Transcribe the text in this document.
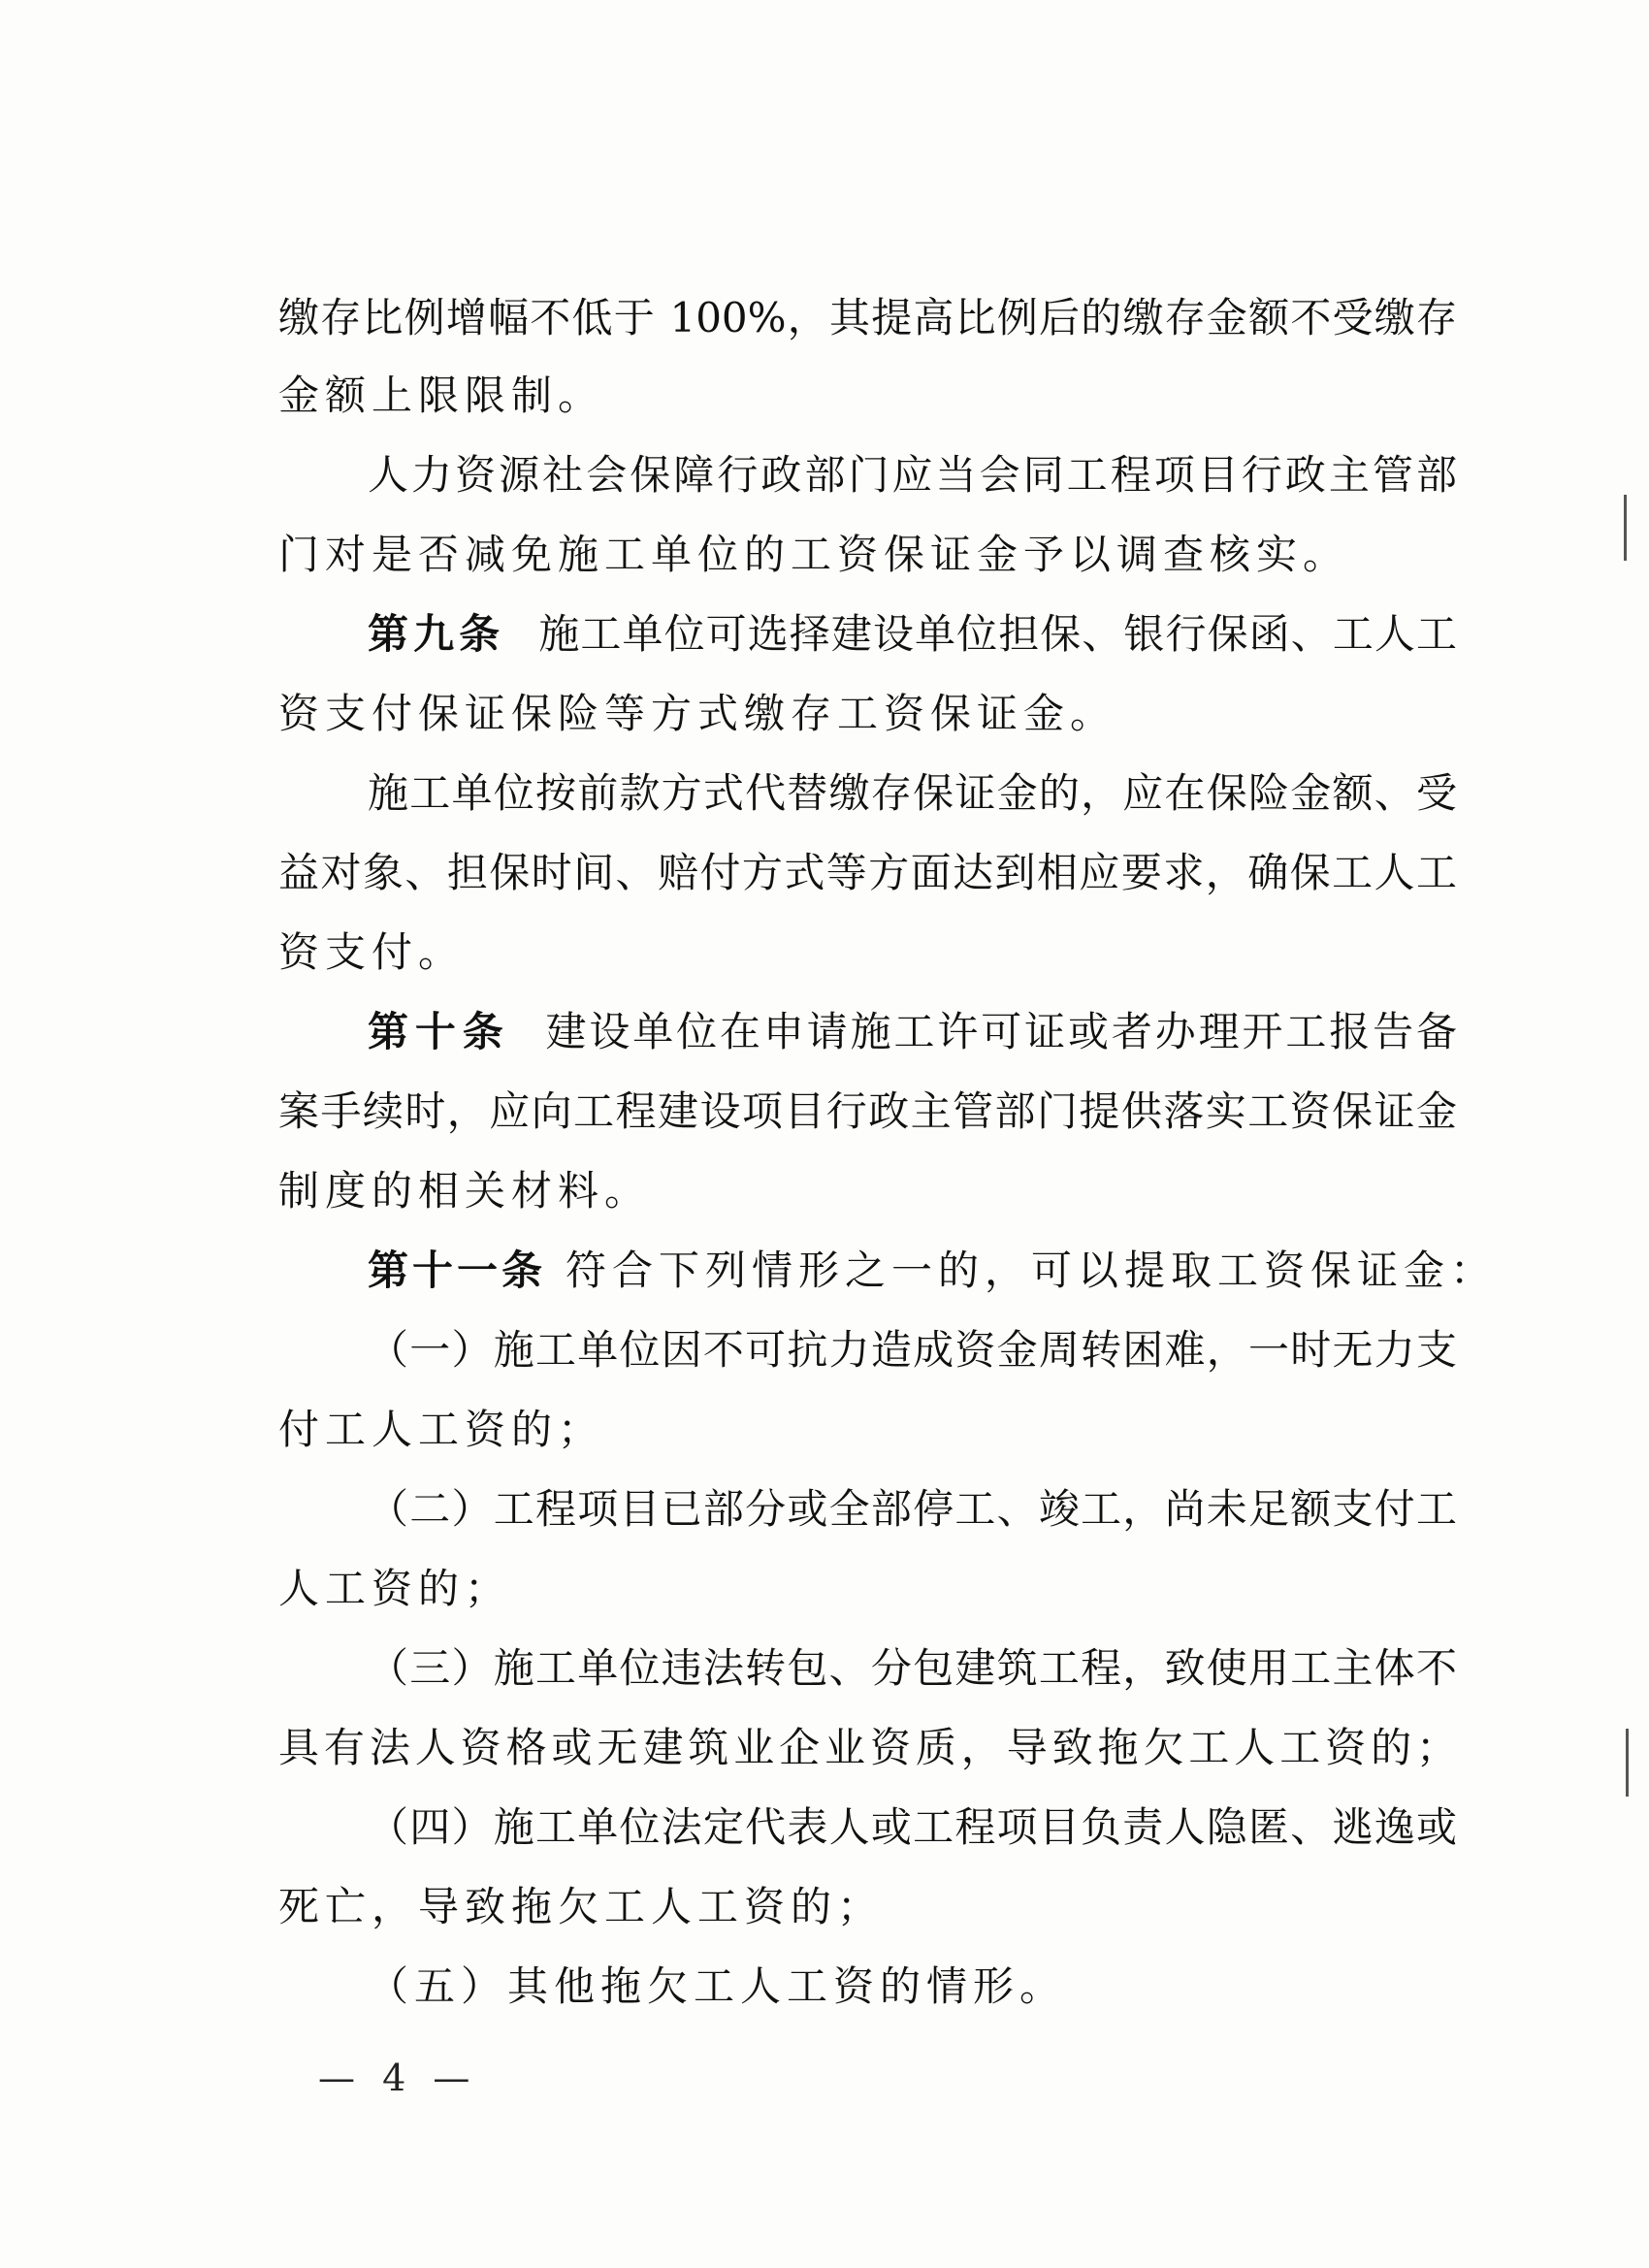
缴存比例增幅不低于 100%，其提高比例后的缴存金额不受缴存
金额上限限制。
人力资源社会保障行政部门应当会同工程项目行政主管部
门对是否减免施工单位的工资保证金予以调查核实。
第九条 施工单位可选择建设单位担保、银行保函、工人工
资支付保证保险等方式缴存工资保证金。
施工单位按前款方式代替缴存保证金的，应在保险金额、受
益对象、担保时间、赔付方式等方面达到相应要求，确保工人工
资支付。
第十条 建设单位在申请施工许可证或者办理开工报告备
案手续时，应向工程建设项目行政主管部门提供落实工资保证金
制度的相关材料。
第十一条 符合下列情形之一的，可以提取工资保证金：
（一）施工单位因不可抗力造成资金周转困难，一时无力支
付工人工资的；
（二）工程项目已部分或全部停工、竣工，尚未足额支付工
人工资的；
（三）施工单位违法转包、分包建筑工程，致使用工主体不
具有法人资格或无建筑业企业资质，导致拖欠工人工资的；
（四）施工单位法定代表人或工程项目负责人隐匿、逃逸或
死亡，导致拖欠工人工资的；
（五）其他拖欠工人工资的情形。
— 4 —
